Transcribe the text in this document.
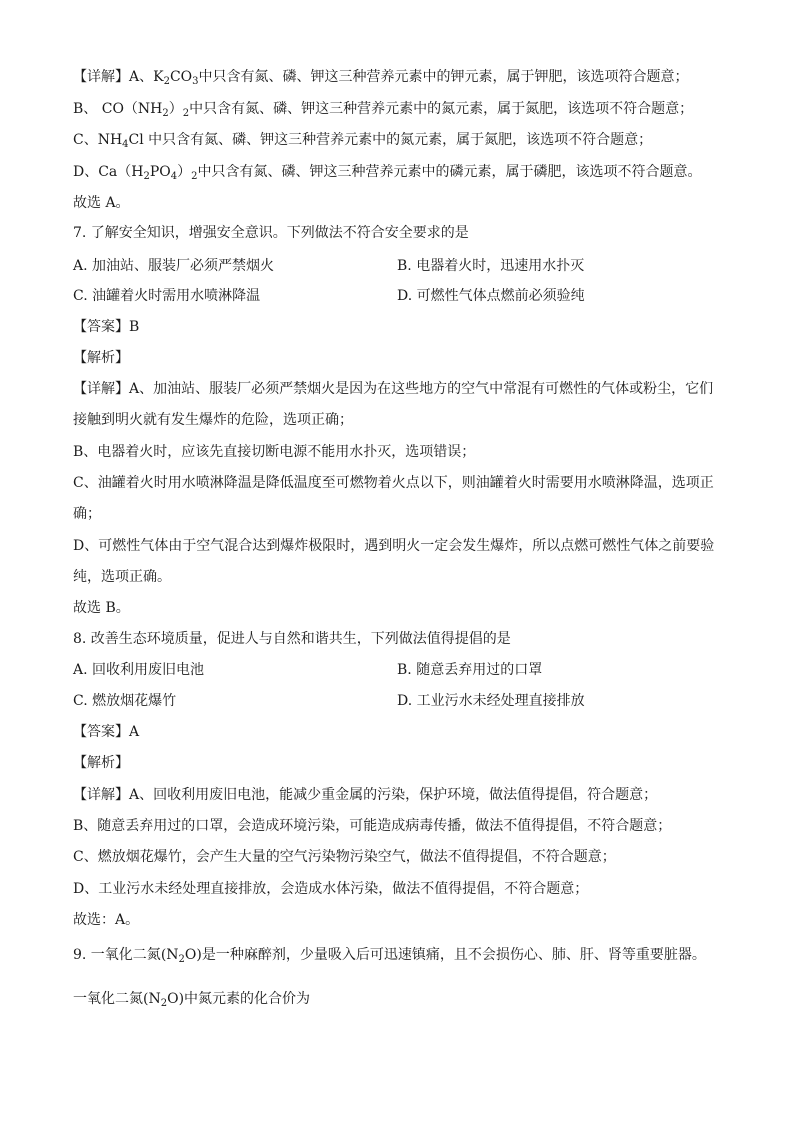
【详解】A、$K_2CO_3$中只含有氮、磷、钾这三种营养元素中的钾元素，属于钾肥，该选项符合题意；
B、 $CO(NH_2)_2$中只含有氮、磷、钾这三种营养元素中的氮元素，属于氮肥，该选项不符合题意；
C、$NH_4Cl$ 中只含有氮、磷、钾这三种营养元素中的氮元素，属于氮肥，该选项不符合题意；
D、$Ca(H_2PO_4)_2$中只含有氮、磷、钾这三种营养元素中的磷元素，属于磷肥，该选项不符合题意。
故选 A。
7. 了解安全知识，增强安全意识。下列做法不符合安全要求的是
A. 加油站、服装厂必须严禁烟火	B. 电器着火时，迅速用水扑灭
C. 油罐着火时需用水喷淋降温	D. 可燃性气体点燃前必须验纯
【答案】B
【解析】
【详解】A、加油站、服装厂必须严禁烟火是因为在这些地方的空气中常混有可燃性的气体或粉尘，它们
接触到明火就有发生爆炸的危险，选项正确；
B、电器着火时，应该先直接切断电源不能用水扑灭，选项错误；
C、油罐着火时用水喷淋降温是降低温度至可燃物着火点以下，则油罐着火时需要用水喷淋降温，选项正
确；
D、可燃性气体由于空气混合达到爆炸极限时，遇到明火一定会发生爆炸，所以点燃可燃性气体之前要验
纯，选项正确。
故选 B。
8. 改善生态环境质量，促进人与自然和谐共生，下列做法值得提倡的是
A. 回收利用废旧电池	B. 随意丢弃用过的口罩
C. 燃放烟花爆竹	D. 工业污水未经处理直接排放
【答案】A
【解析】
【详解】A、回收利用废旧电池，能减少重金属的污染，保护环境，做法值得提倡，符合题意；
B、随意丢弃用过的口罩，会造成环境污染，可能造成病毒传播，做法不值得提倡，不符合题意；
C、燃放烟花爆竹，会产生大量的空气污染物污染空气，做法不值得提倡，不符合题意；
D、工业污水未经处理直接排放，会造成水体污染，做法不值得提倡，不符合题意；
故选：A。
9. 一氧化二氮$(N_2O)$是一种麻醉剂，少量吸入后可迅速镇痛，且不会损伤心、肺、肝、肾等重要脏器。
一氧化二氮$(N_2O)$中氮元素的化合价为
